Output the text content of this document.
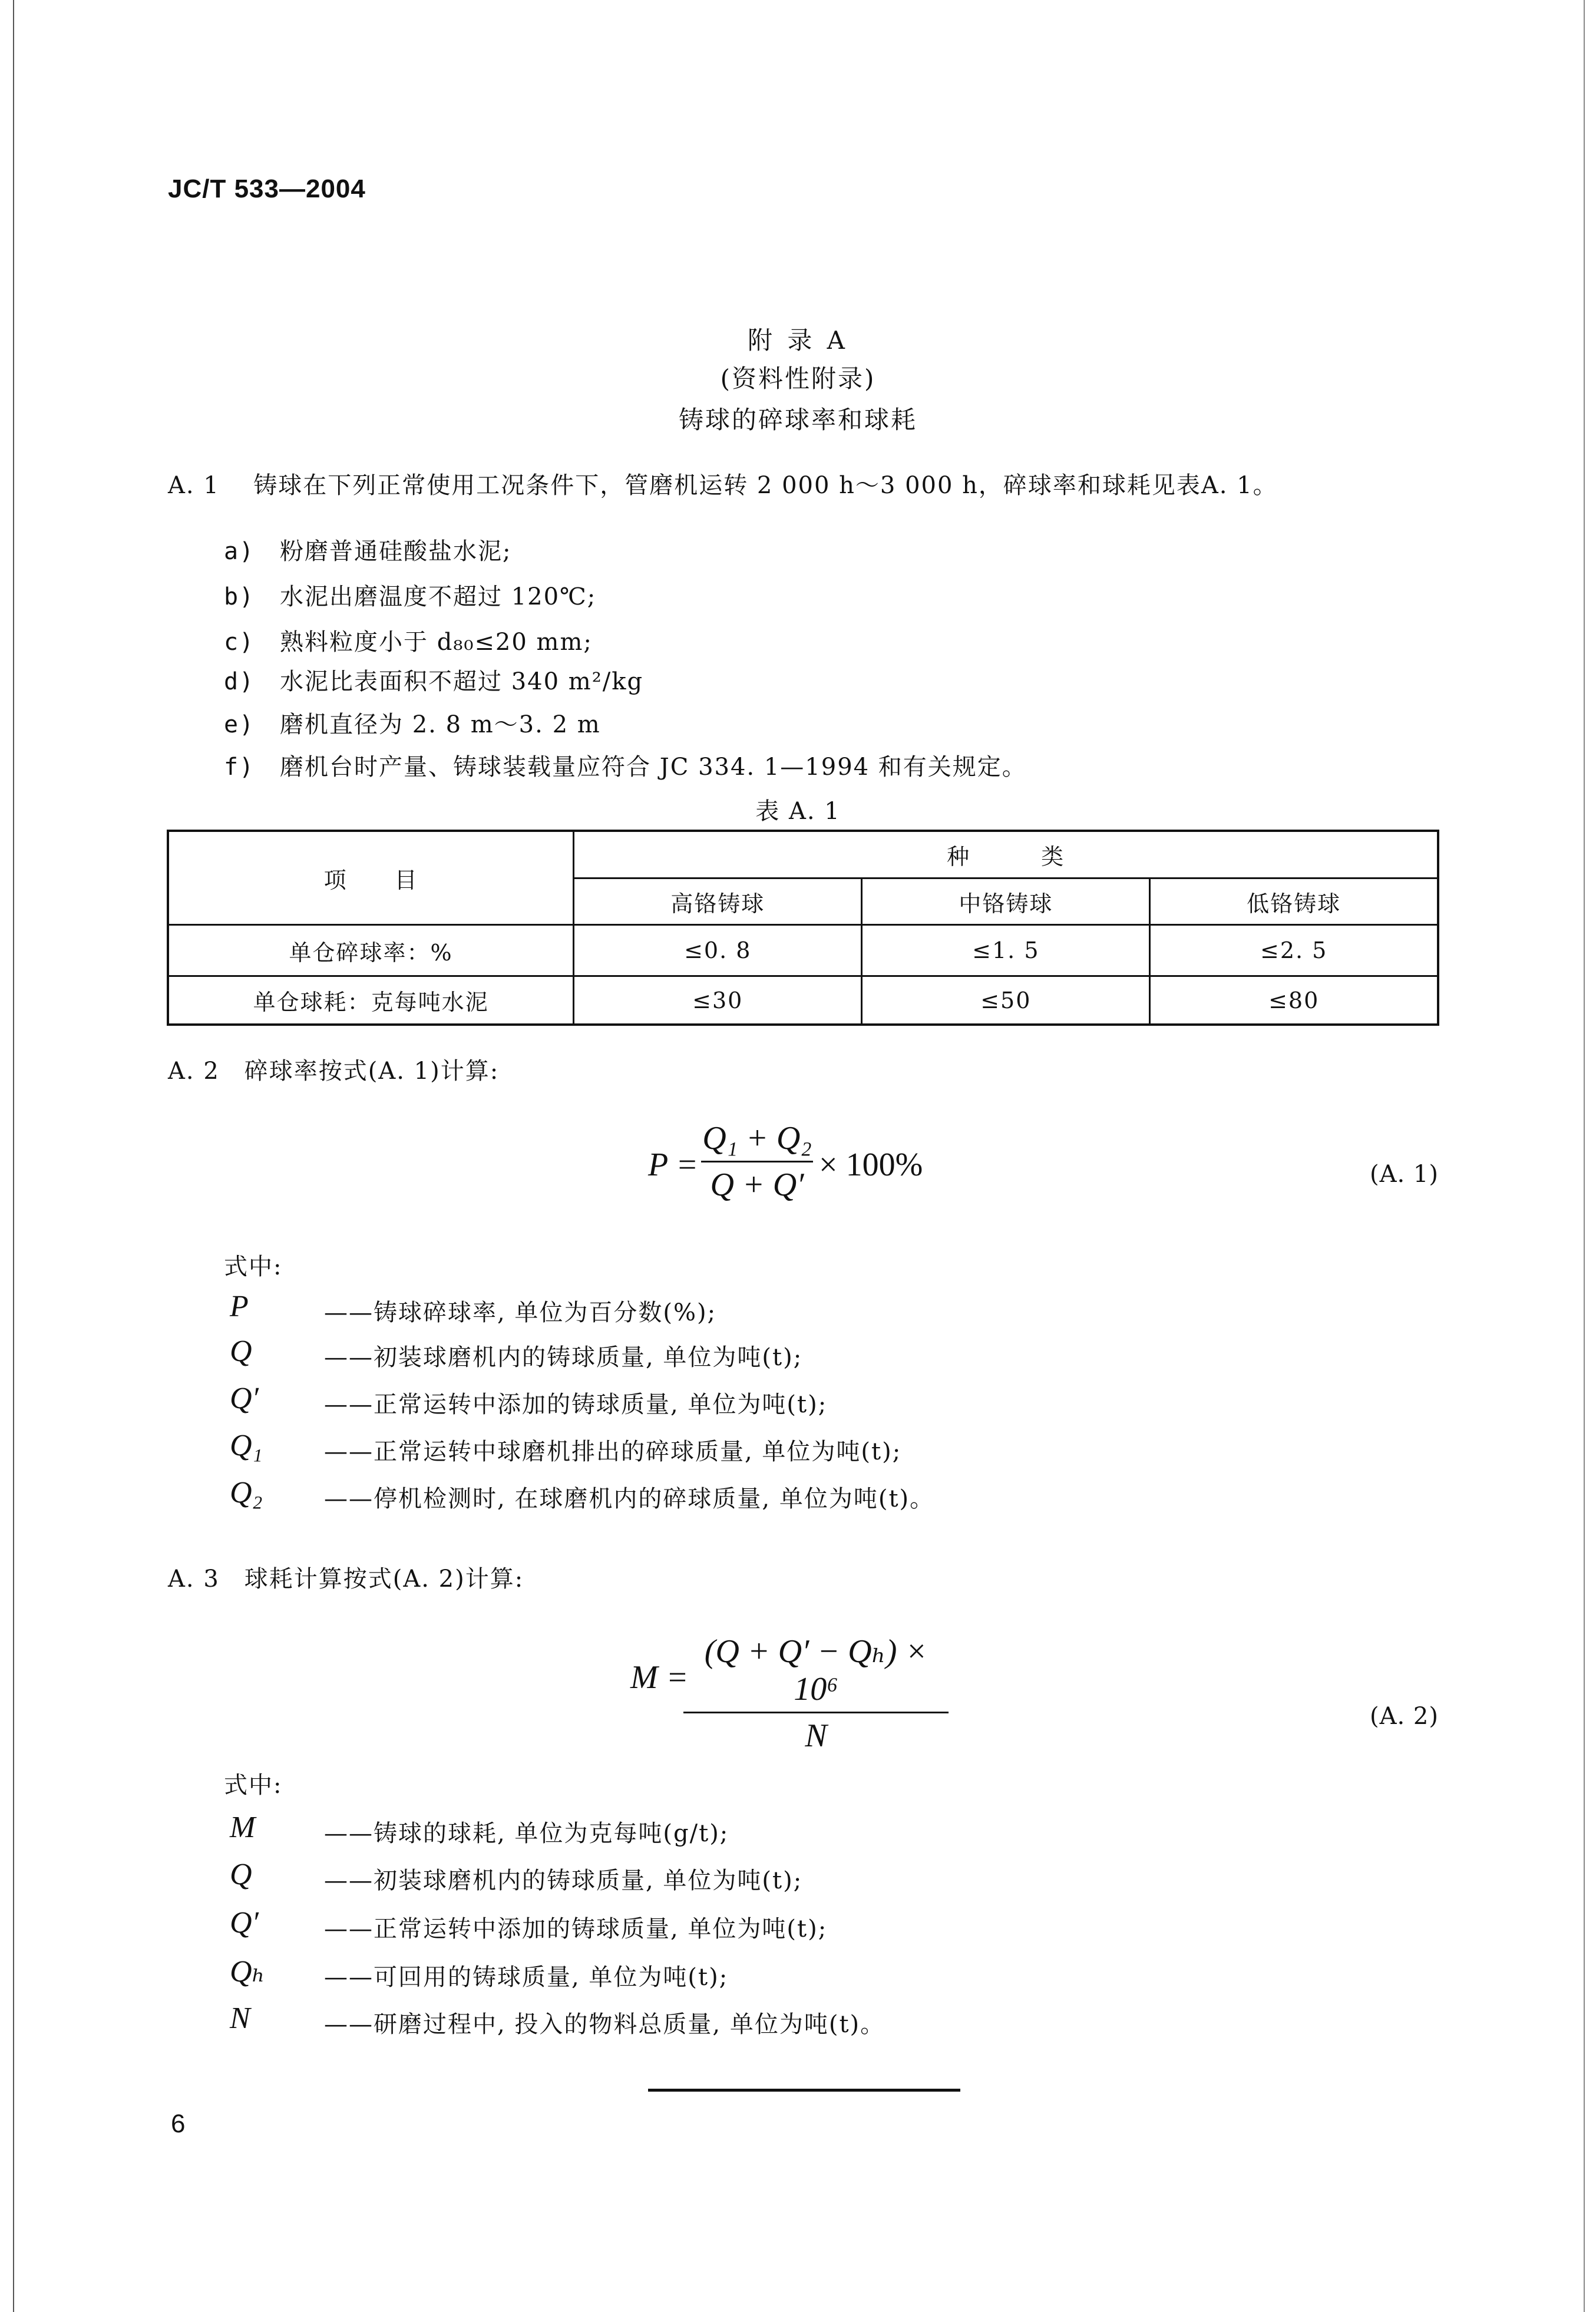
JC/T 533—2004
附 录 A
(资料性附录)
铸球的碎球率和球耗
A. 1 铸球在下列正常使用工况条件下，管磨机运转 2 000 h～3 000 h，碎球率和球耗见表A. 1。
a) 粉磨普通硅酸盐水泥;
b) 水泥出磨温度不超过 120℃;
c) 熟料粒度小于 d₈₀≤20 mm;
d) 水泥比表面积不超过 340 m²/kg
e) 磨机直径为 2. 8 m～3. 2 m
f) 磨机台时产量、铸球装载量应符合 JC 334. 1—1994 和有关规定。
表 A. 1
项　　目	种　　　类		
	高铬铸球	中铬铸球	低铬铸球
单仓碎球率：%	≤0. 8	≤1. 5	≤2. 5
单仓球耗：克每吨水泥	≤30	≤50	≤80
A. 2　碎球率按式(A. 1)计算:
P =
Q₁ + Q₂
Q + Q′
× 100%	(A. 1)
式中:
P	——铸球碎球率, 单位为百分数(%);
Q	——初装球磨机内的铸球质量, 单位为吨(t);
Q′	——正常运转中添加的铸球质量, 单位为吨(t);
Q₁	——正常运转中球磨机排出的碎球质量, 单位为吨(t);
Q₂	——停机检测时, 在球磨机内的碎球质量, 单位为吨(t)。
A. 3　球耗计算按式(A. 2)计算:
M =
(Q + Q′ − Qₕ) × 10⁶
N
(A. 2)
式中:
M	——铸球的球耗, 单位为克每吨(g/t);
Q	——初装球磨机内的铸球质量, 单位为吨(t);
Q′	——正常运转中添加的铸球质量, 单位为吨(t);
Qₕ	——可回用的铸球质量, 单位为吨(t);
N	——研磨过程中, 投入的物料总质量, 单位为吨(t)。
6
